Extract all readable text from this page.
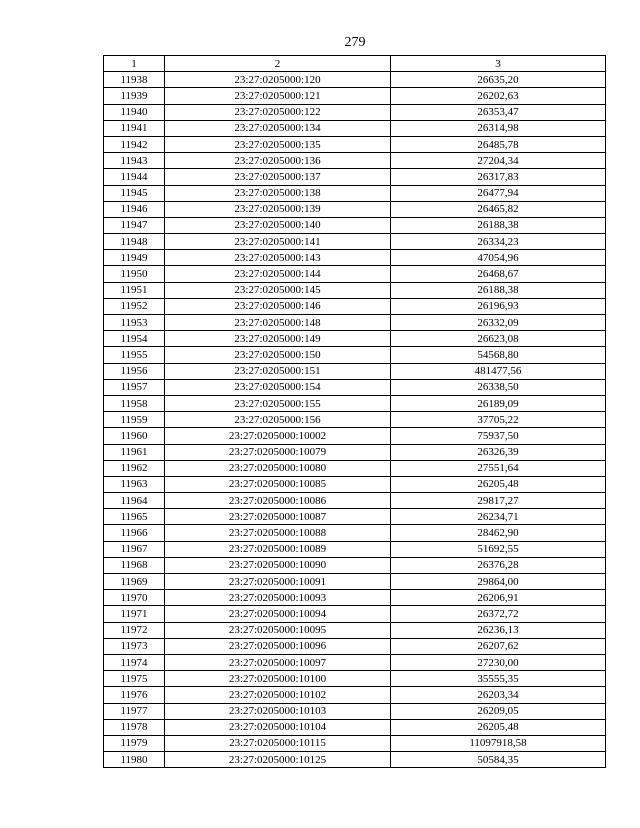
279
1	2	3
11938	23:27:0205000:120	26635,20
11939	23:27:0205000:121	26202,63
11940	23:27:0205000:122	26353,47
11941	23:27:0205000:134	26314,98
11942	23:27:0205000:135	26485,78
11943	23:27:0205000:136	27204,34
11944	23:27:0205000:137	26317,83
11945	23:27:0205000:138	26477,94
11946	23:27:0205000:139	26465,82
11947	23:27:0205000:140	26188,38
11948	23:27:0205000:141	26334,23
11949	23:27:0205000:143	47054,96
11950	23:27:0205000:144	26468,67
11951	23:27:0205000:145	26188,38
11952	23:27:0205000:146	26196,93
11953	23:27:0205000:148	26332,09
11954	23:27:0205000:149	26623,08
11955	23:27:0205000:150	54568,80
11956	23:27:0205000:151	481477,56
11957	23:27:0205000:154	26338,50
11958	23:27:0205000:155	26189,09
11959	23:27:0205000:156	37705,22
11960	23:27:0205000:10002	75937,50
11961	23:27:0205000:10079	26326,39
11962	23:27:0205000:10080	27551,64
11963	23:27:0205000:10085	26205,48
11964	23:27:0205000:10086	29817,27
11965	23:27:0205000:10087	26234,71
11966	23:27:0205000:10088	28462,90
11967	23:27:0205000:10089	51692,55
11968	23:27:0205000:10090	26376,28
11969	23:27:0205000:10091	29864,00
11970	23:27:0205000:10093	26206,91
11971	23:27:0205000:10094	26372,72
11972	23:27:0205000:10095	26236,13
11973	23:27:0205000:10096	26207,62
11974	23:27:0205000:10097	27230,00
11975	23:27:0205000:10100	35555,35
11976	23:27:0205000:10102	26203,34
11977	23:27:0205000:10103	26209,05
11978	23:27:0205000:10104	26205,48
11979	23:27:0205000:10115	11097918,58
11980	23:27:0205000:10125	50584,35
